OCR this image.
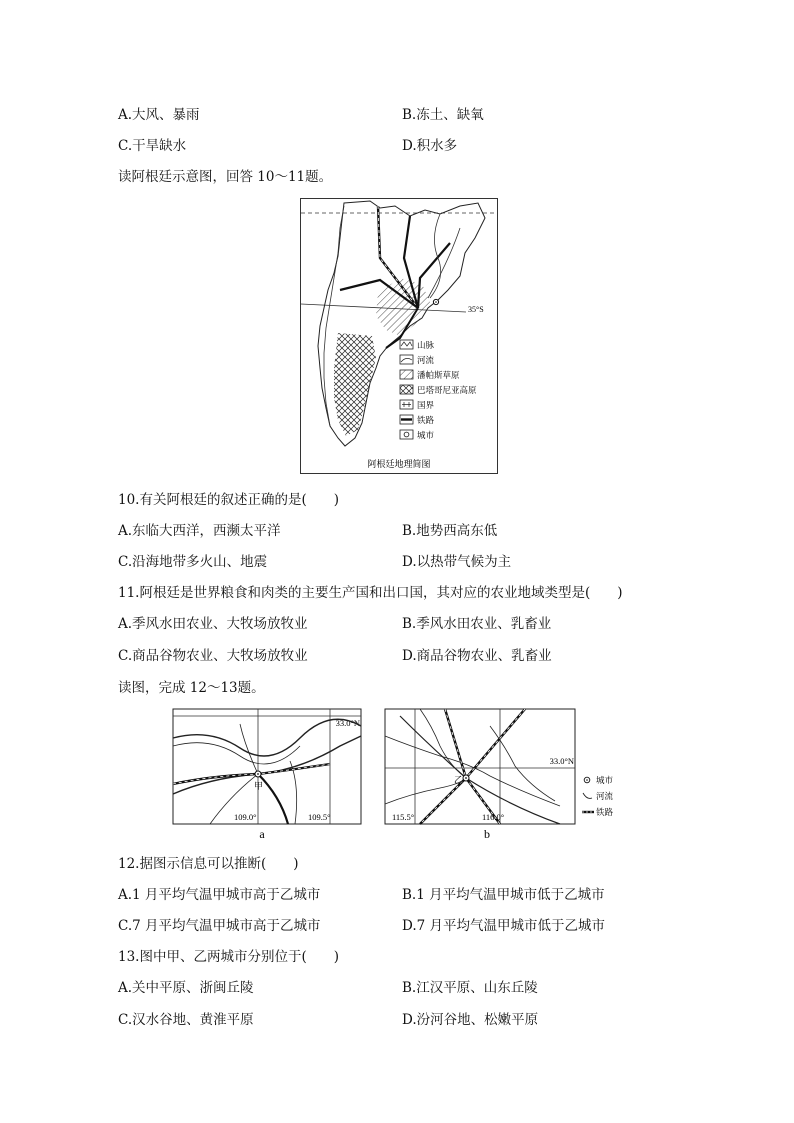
A.大风、暴雨	B.冻土、缺氧
C.干旱缺水	D.积水多
读阿根廷示意图，回答 10～11题。
35°S
山脉
河流
潘帕斯草原
巴塔哥尼亚高原
国界
铁路
城市
阿根廷地理简图
10.有关阿根廷的叙述正确的是(　　)
A.东临大西洋，西濒太平洋	B.地势西高东低
C.沿海地带多火山、地震	D.以热带气候为主
11.阿根廷是世界粮食和肉类的主要生产国和出口国，其对应的农业地域类型是(　　)
A.季风水田农业、大牧场放牧业	B.季风水田农业、乳畜业
C.商品谷物农业、大牧场放牧业	D.商品谷物农业、乳畜业
读图，完成 12～13题。
33.0°N
甲
109.0°	109.5°
a
33.0°N
乙
115.5°	116.0°
b
城市
河流
铁路
12.据图示信息可以推断(　　)
A.1 月平均气温甲城市高于乙城市	B.1 月平均气温甲城市低于乙城市
C.7 月平均气温甲城市高于乙城市	D.7 月平均气温甲城市低于乙城市
13.图中甲、乙两城市分别位于(　　)
A.关中平原、浙闽丘陵	B.江汉平原、山东丘陵
C.汉水谷地、黄淮平原	D.汾河谷地、松嫩平原
